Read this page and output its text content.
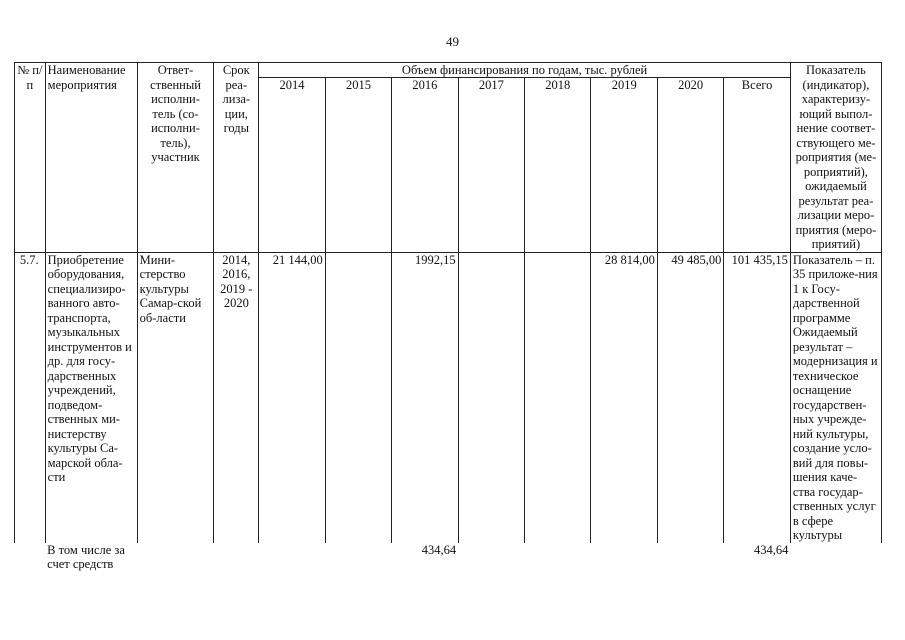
49
№ п/п	Наименование мероприятия	Ответ-ственный исполни-тель (со-исполни-тель), участник	Срок реа-лиза-ции, годы	Объем финансирования по годам, тыс. рублей								Показатель (индикатор), характеризу-ющий выпол-нение соответ-ствующего ме-роприятия (ме-роприятий), ожидаемый результат реа-лизации меро-приятия (меро-приятий)
				2014	2015	2016	2017	2018	2019	2020	Всего	
5.7.	Приобретение оборудования, специализиро-ванного авто-транспорта, музыкальных инструментов и др. для госу-дарственных учреждений, подведом-ственных ми-нистерству культуры Са-марской обла-сти	Мини-стерство культуры Самар-ской об-ласти	2014, 2016, 2019 - 2020	21 144,00		1992,15			28 814,00	49 485,00	101 435,15	Показатель – п. 35 приложе-ния 1 к Госу-дарственной программе Ожидаемый результат – модернизация и техническое оснащение государствен-ных учрежде-ний культуры, создание усло-вий для повы-шения каче-ства государ-ственных услуг в сфере культуры
	В том числе за счет средств					434,64					434,64	
